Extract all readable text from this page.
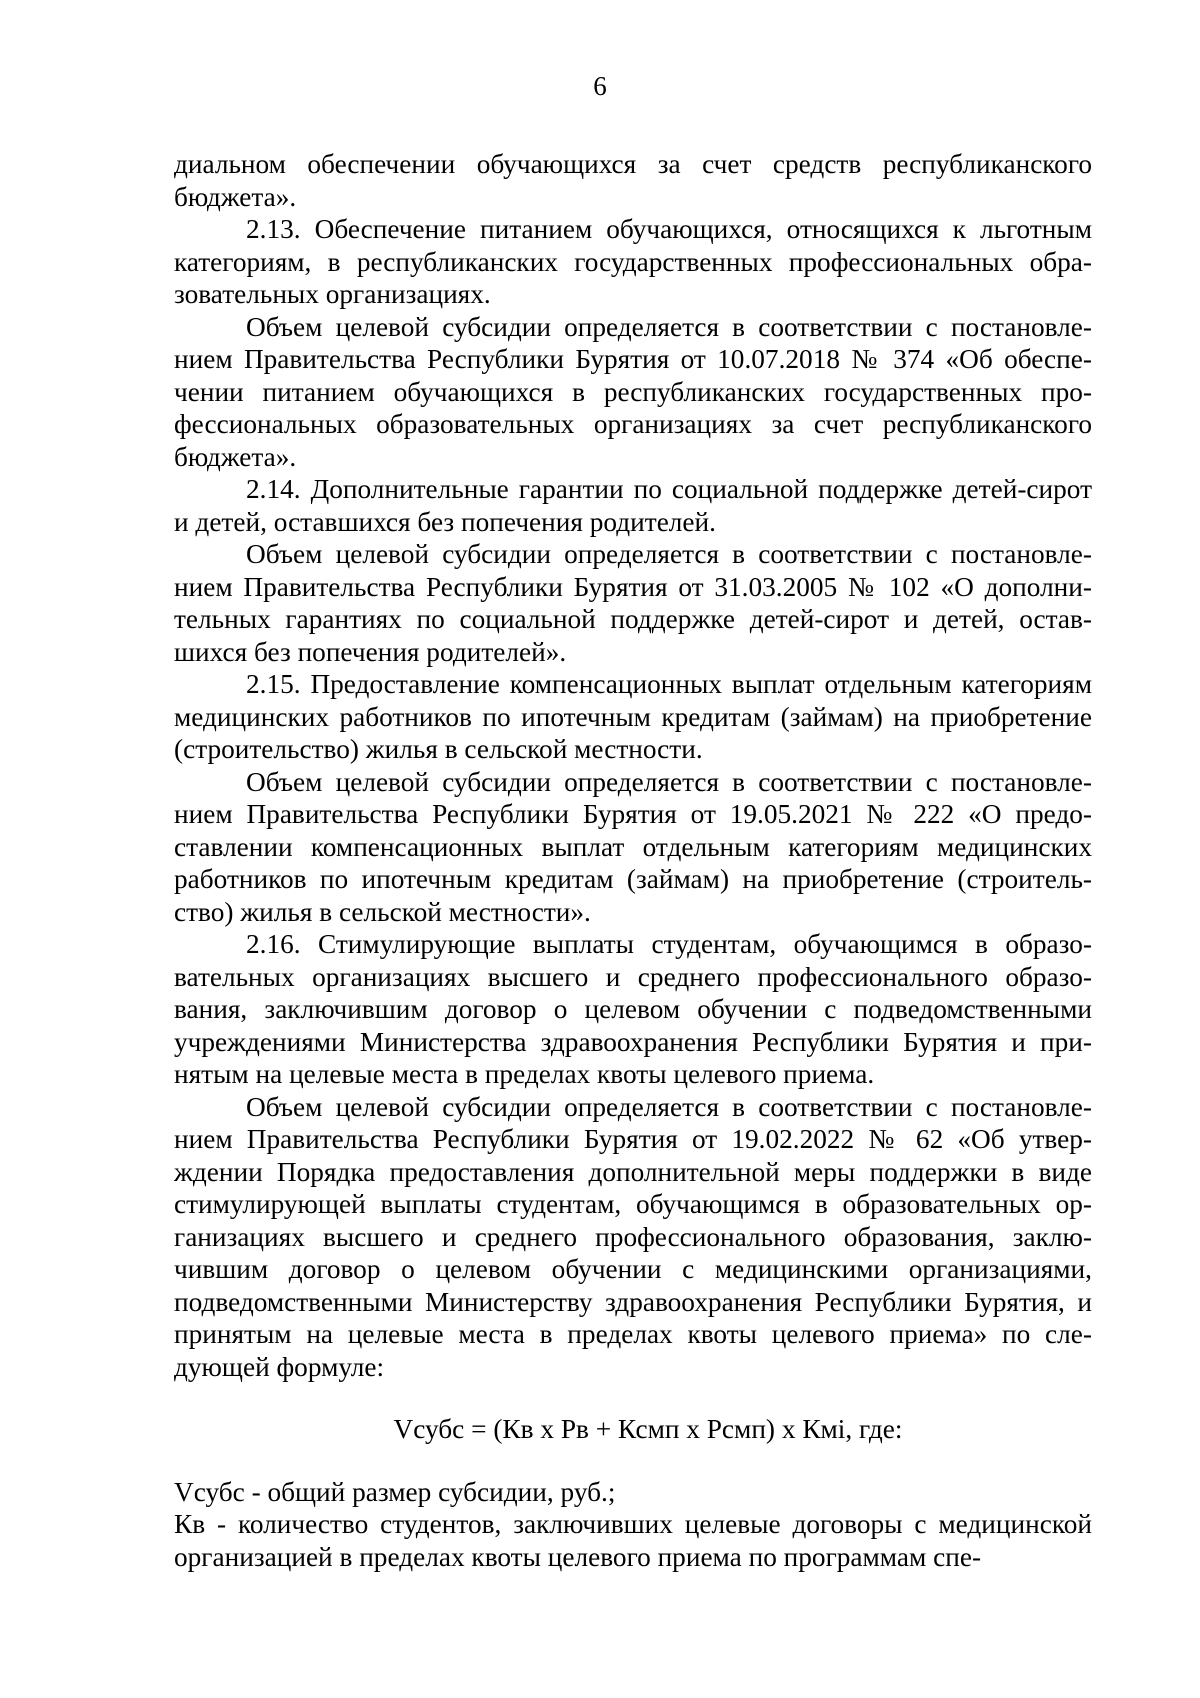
6

диальном обеспечении обучающихся за счет средств республиканского бюджета».

2.13. Обеспечение питанием обучающихся, относящихся к льготным категориям, в республиканских государственных профессиональных образовательных организациях.

Объем целевой субсидии определяется в соответствии с постановлением Правительства Республики Бурятия от 10.07.2018 № 374 «Об обеспечении питанием обучающихся в республиканских государственных профессиональных образовательных организациях за счет республиканского бюджета».

2.14. Дополнительные гарантии по социальной поддержке детей-сирот и детей, оставшихся без попечения родителей.

Объем целевой субсидии определяется в соответствии с постановлением Правительства Республики Бурятия от 31.03.2005 № 102 «О дополнительных гарантиях по социальной поддержке детей-сирот и детей, оставшихся без попечения родителей».

2.15. Предоставление компенсационных выплат отдельным категориям медицинских работников по ипотечным кредитам (займам) на приобретение (строительство) жилья в сельской местности.

Объем целевой субсидии определяется в соответствии с постановлением Правительства Республики Бурятия от 19.05.2021 № 222 «О предоставлении компенсационных выплат отдельным категориям медицинских работников по ипотечным кредитам (займам) на приобретение (строительство) жилья в сельской местности».

2.16. Стимулирующие выплаты студентам, обучающимся в образовательных организациях высшего и среднего профессионального образования, заключившим договор о целевом обучении с подведомственными учреждениями Министерства здравоохранения Республики Бурятия и принятым на целевые места в пределах квоты целевого приема.

Объем целевой субсидии определяется в соответствии с постановлением Правительства Республики Бурятия от 19.02.2022 № 62 «Об утверждении Порядка предоставления дополнительной меры поддержки в виде стимулирующей выплаты студентам, обучающимся в образовательных организациях высшего и среднего профессионального образования, заключившим договор о целевом обучении с медицинскими организациями, подведомственными Министерству здравоохранения Республики Бурятия, и принятым на целевые места в пределах квоты целевого приема» по следующей формуле:

Vсубс = (Кв x Рв + Ксмп x Рсмп) x Кмi, где:

Vсубс - общий размер субсидии, руб.;

Кв - количество студентов, заключивших целевые договоры с медицинской организацией в пределах квоты целевого приема по программам спе-
